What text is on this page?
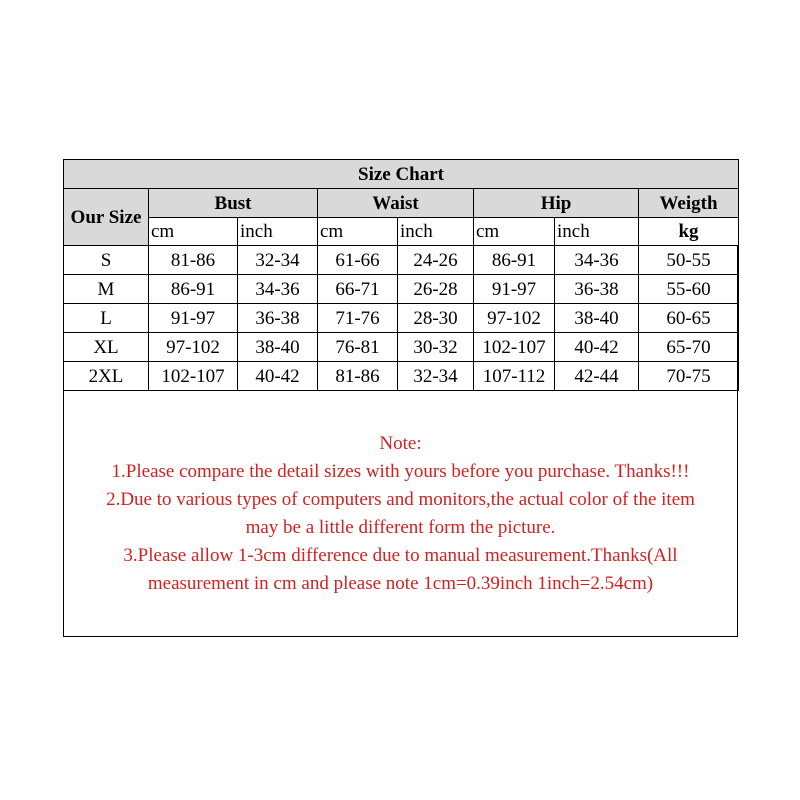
Size Chart							
Our Size	Bust		Waist		Hip		Weigth
	cm	inch	cm	inch	cm	inch	kg
S	81-86	32-34	61-66	24-26	86-91	34-36	50-55
M	86-91	34-36	66-71	26-28	91-97	36-38	55-60
L	91-97	36-38	71-76	28-30	97-102	38-40	60-65
XL	97-102	38-40	76-81	30-32	102-107	40-42	65-70
2XL	102-107	40-42	81-86	32-34	107-112	42-44	70-75
Note:
1.Please compare the detail sizes with yours before you purchase. Thanks!!!
2.Due to various types of computers and monitors,the actual color of the item
may be a little different form the picture.
3.Please allow 1-3cm difference due to manual measurement.Thanks(All
measurement in cm and please note 1cm=0.39inch 1inch=2.54cm)
